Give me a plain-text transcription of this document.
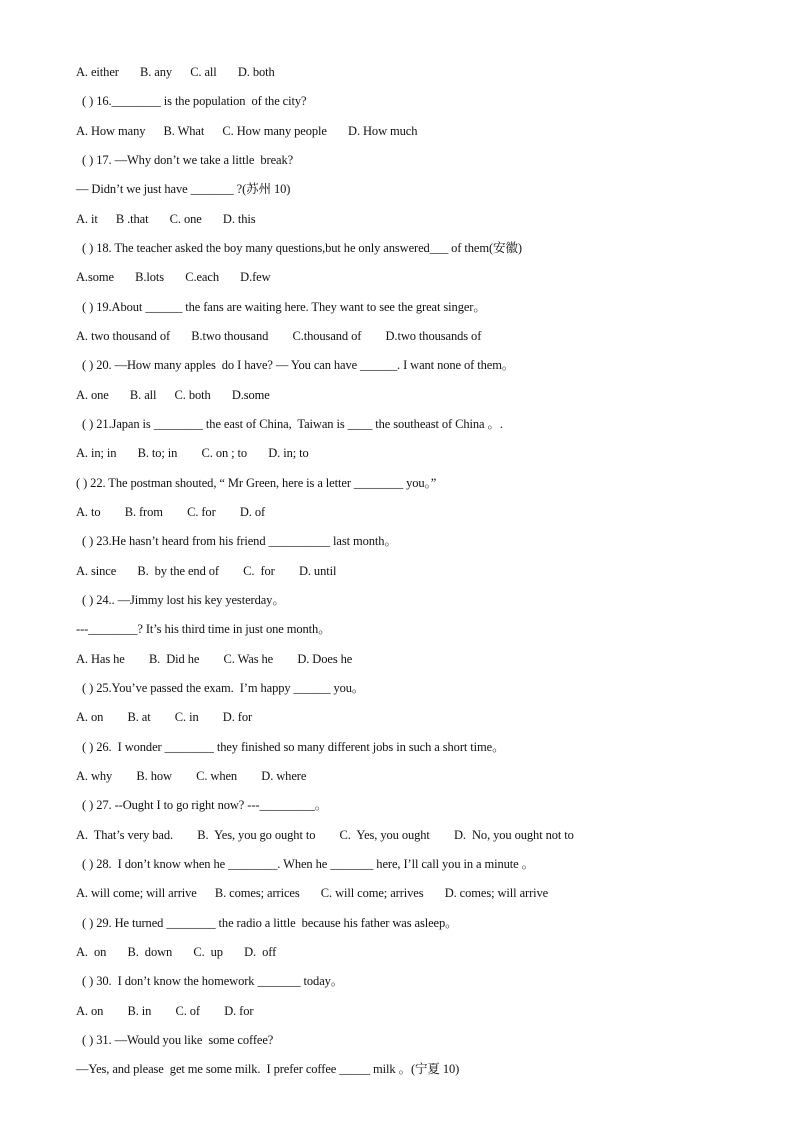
A. either       B. any      C. all       D. both

( ) 16.________ is the population  of the city?

A. How many      B. What      C. How many people       D. How much

( ) 17. —Why don’t we take a little  break?

— Didn’t we just have _______ ?(苏州 10)

A. it      B .that       C. one       D. this

( ) 18. The teacher asked the boy many questions,but he only answered___ of them(安徽)

A.some       B.lots       C.each       D.few

( ) 19.About ______ the fans are waiting here. They want to see the great singer。

A. two thousand of       B.two thousand        C.thousand of        D.two thousands of

( ) 20. —How many apples  do I have? — You can have ______. I want none of them。

A. one       B. all      C. both       D.some

( ) 21.Japan is ________ the east of China,  Taiwan is ____ the southeast of China 。.

A. in; in       B. to; in        C. on ; to       D. in; to

( ) 22. The postman shouted, “ Mr Green, here is a letter ________ you。”

A. to        B. from        C. for        D. of

( ) 23.He hasn’t heard from his friend __________ last month。

A. since       B.  by the end of        C.  for        D. until

( ) 24.. —Jimmy lost his key yesterday。

---________? It’s his third time in just one month。

A. Has he        B.  Did he        C. Was he        D. Does he

( ) 25.You’ve passed the exam.  I’m happy ______ you。

A. on        B. at        C. in        D. for

( ) 26.  I wonder ________ they finished so many different jobs in such a short time。

A. why        B. how        C. when        D. where

( ) 27. --Ought I to go right now? ---_________。

A.  That’s very bad.        B.  Yes, you go ought to        C.  Yes, you ought        D.  No, you ought not to

( ) 28.  I don’t know when he ________. When he _______ here, I’ll call you in a minute 。

A. will come; will arrive      B. comes; arrices       C. will come; arrives       D. comes; will arrive

( ) 29. He turned ________ the radio a little  because his father was asleep。

A.  on       B.  down       C.  up       D.  off

( ) 30.  I don’t know the homework _______ today。

A. on        B. in        C. of        D. for

( ) 31. —Would you like  some coffee?

—Yes, and please  get me some milk.  I prefer coffee _____ milk 。(宁夏 10)
